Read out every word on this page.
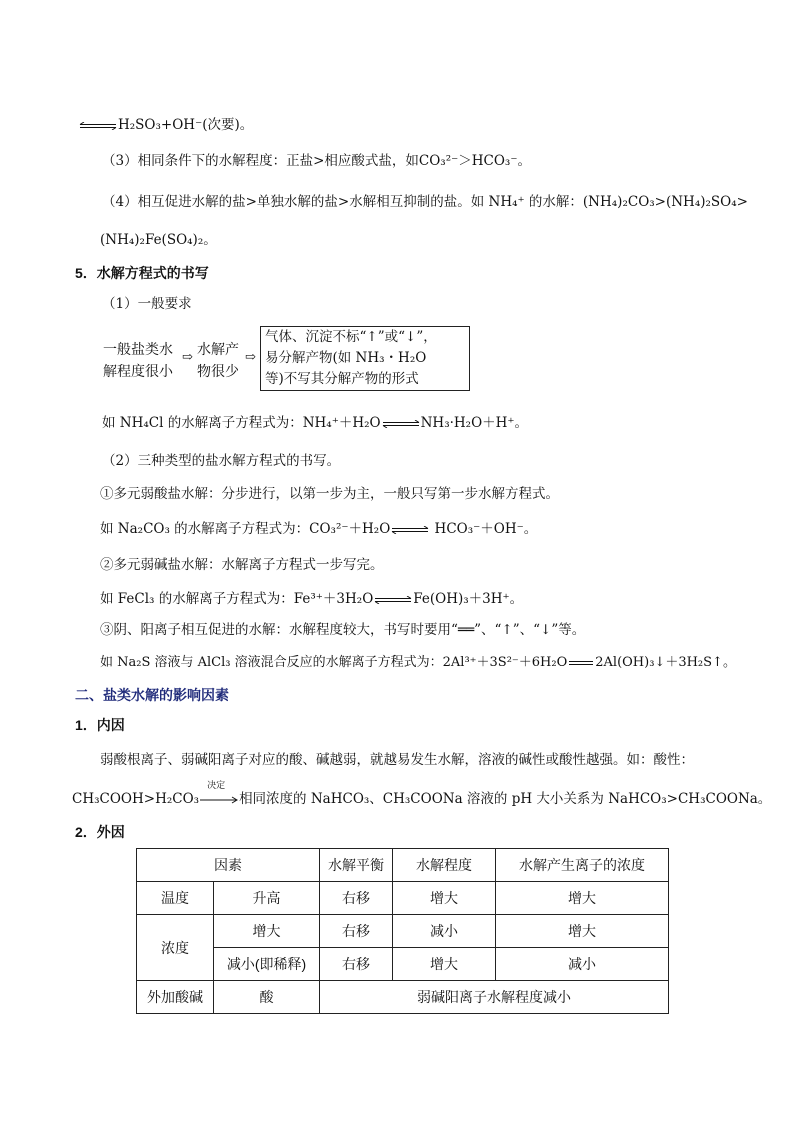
⇌H₂SO₃+OH⁻(次要)。
（3）相同条件下的水解程度：正盐>相应酸式盐，如CO₃²⁻＞HCO₃⁻。
（4）相互促进水解的盐>单独水解的盐>水解相互抑制的盐。如 NH₄⁺ 的水解：(NH₄)₂CO₃>(NH₄)₂SO₄>
(NH₄)₂Fe(SO₄)₂。
5．水解方程式的书写
（1）一般要求
一般盐类水
解程度很小
⇨ 水解产
物很少
⇨
气体、沉淀不标“↑”或“↓”，
易分解产物(如 NH₃・H₂O
等)不写其分解产物的形式
如 NH₄Cl 的水解离子方程式为：NH₄⁺＋H₂O⇌NH₃·H₂O＋H⁺。
（2）三种类型的盐水解方程式的书写。
①多元弱酸盐水解：分步进行，以第一步为主，一般只写第一步水解方程式。
如 Na₂CO₃ 的水解离子方程式为：CO₃²⁻＋H₂O⇌ HCO₃⁻＋OH⁻。
②多元弱碱盐水解：水解离子方程式一步写完。
如 FeCl₃ 的水解离子方程式为：Fe³⁺＋3H₂O⇌Fe(OH)₃＋3H⁺。
③阴、阳离子相互促进的水解：水解程度较大，书写时要用“══”、“↑”、“↓”等。
如 Na₂S 溶液与 AlCl₃ 溶液混合反应的水解离子方程式为：2Al³⁺＋3S²⁻＋6H₂O 2Al(OH)₃↓＋3H₂S↑。
二、盐类水解的影响因素
1．内因
弱酸根离子、弱碱阳离子对应的酸、碱越弱，就越易发生水解，溶液的碱性或酸性越强。如：酸性：
CH₃COOH>H₂CO₃
决定
相同浓度的 NaHCO₃、CH₃COONa 溶液的 pH 大小关系为 NaHCO₃>CH₃COONa。
2．外因
因素		水解平衡	水解程度	水解产生离子的浓度
温度	升高	右移	增大	增大
浓度	增大	右移	减小	增大
	减小(即稀释)	右移	增大	减小
外加酸碱	酸	弱碱阳离子水解程度减小		
